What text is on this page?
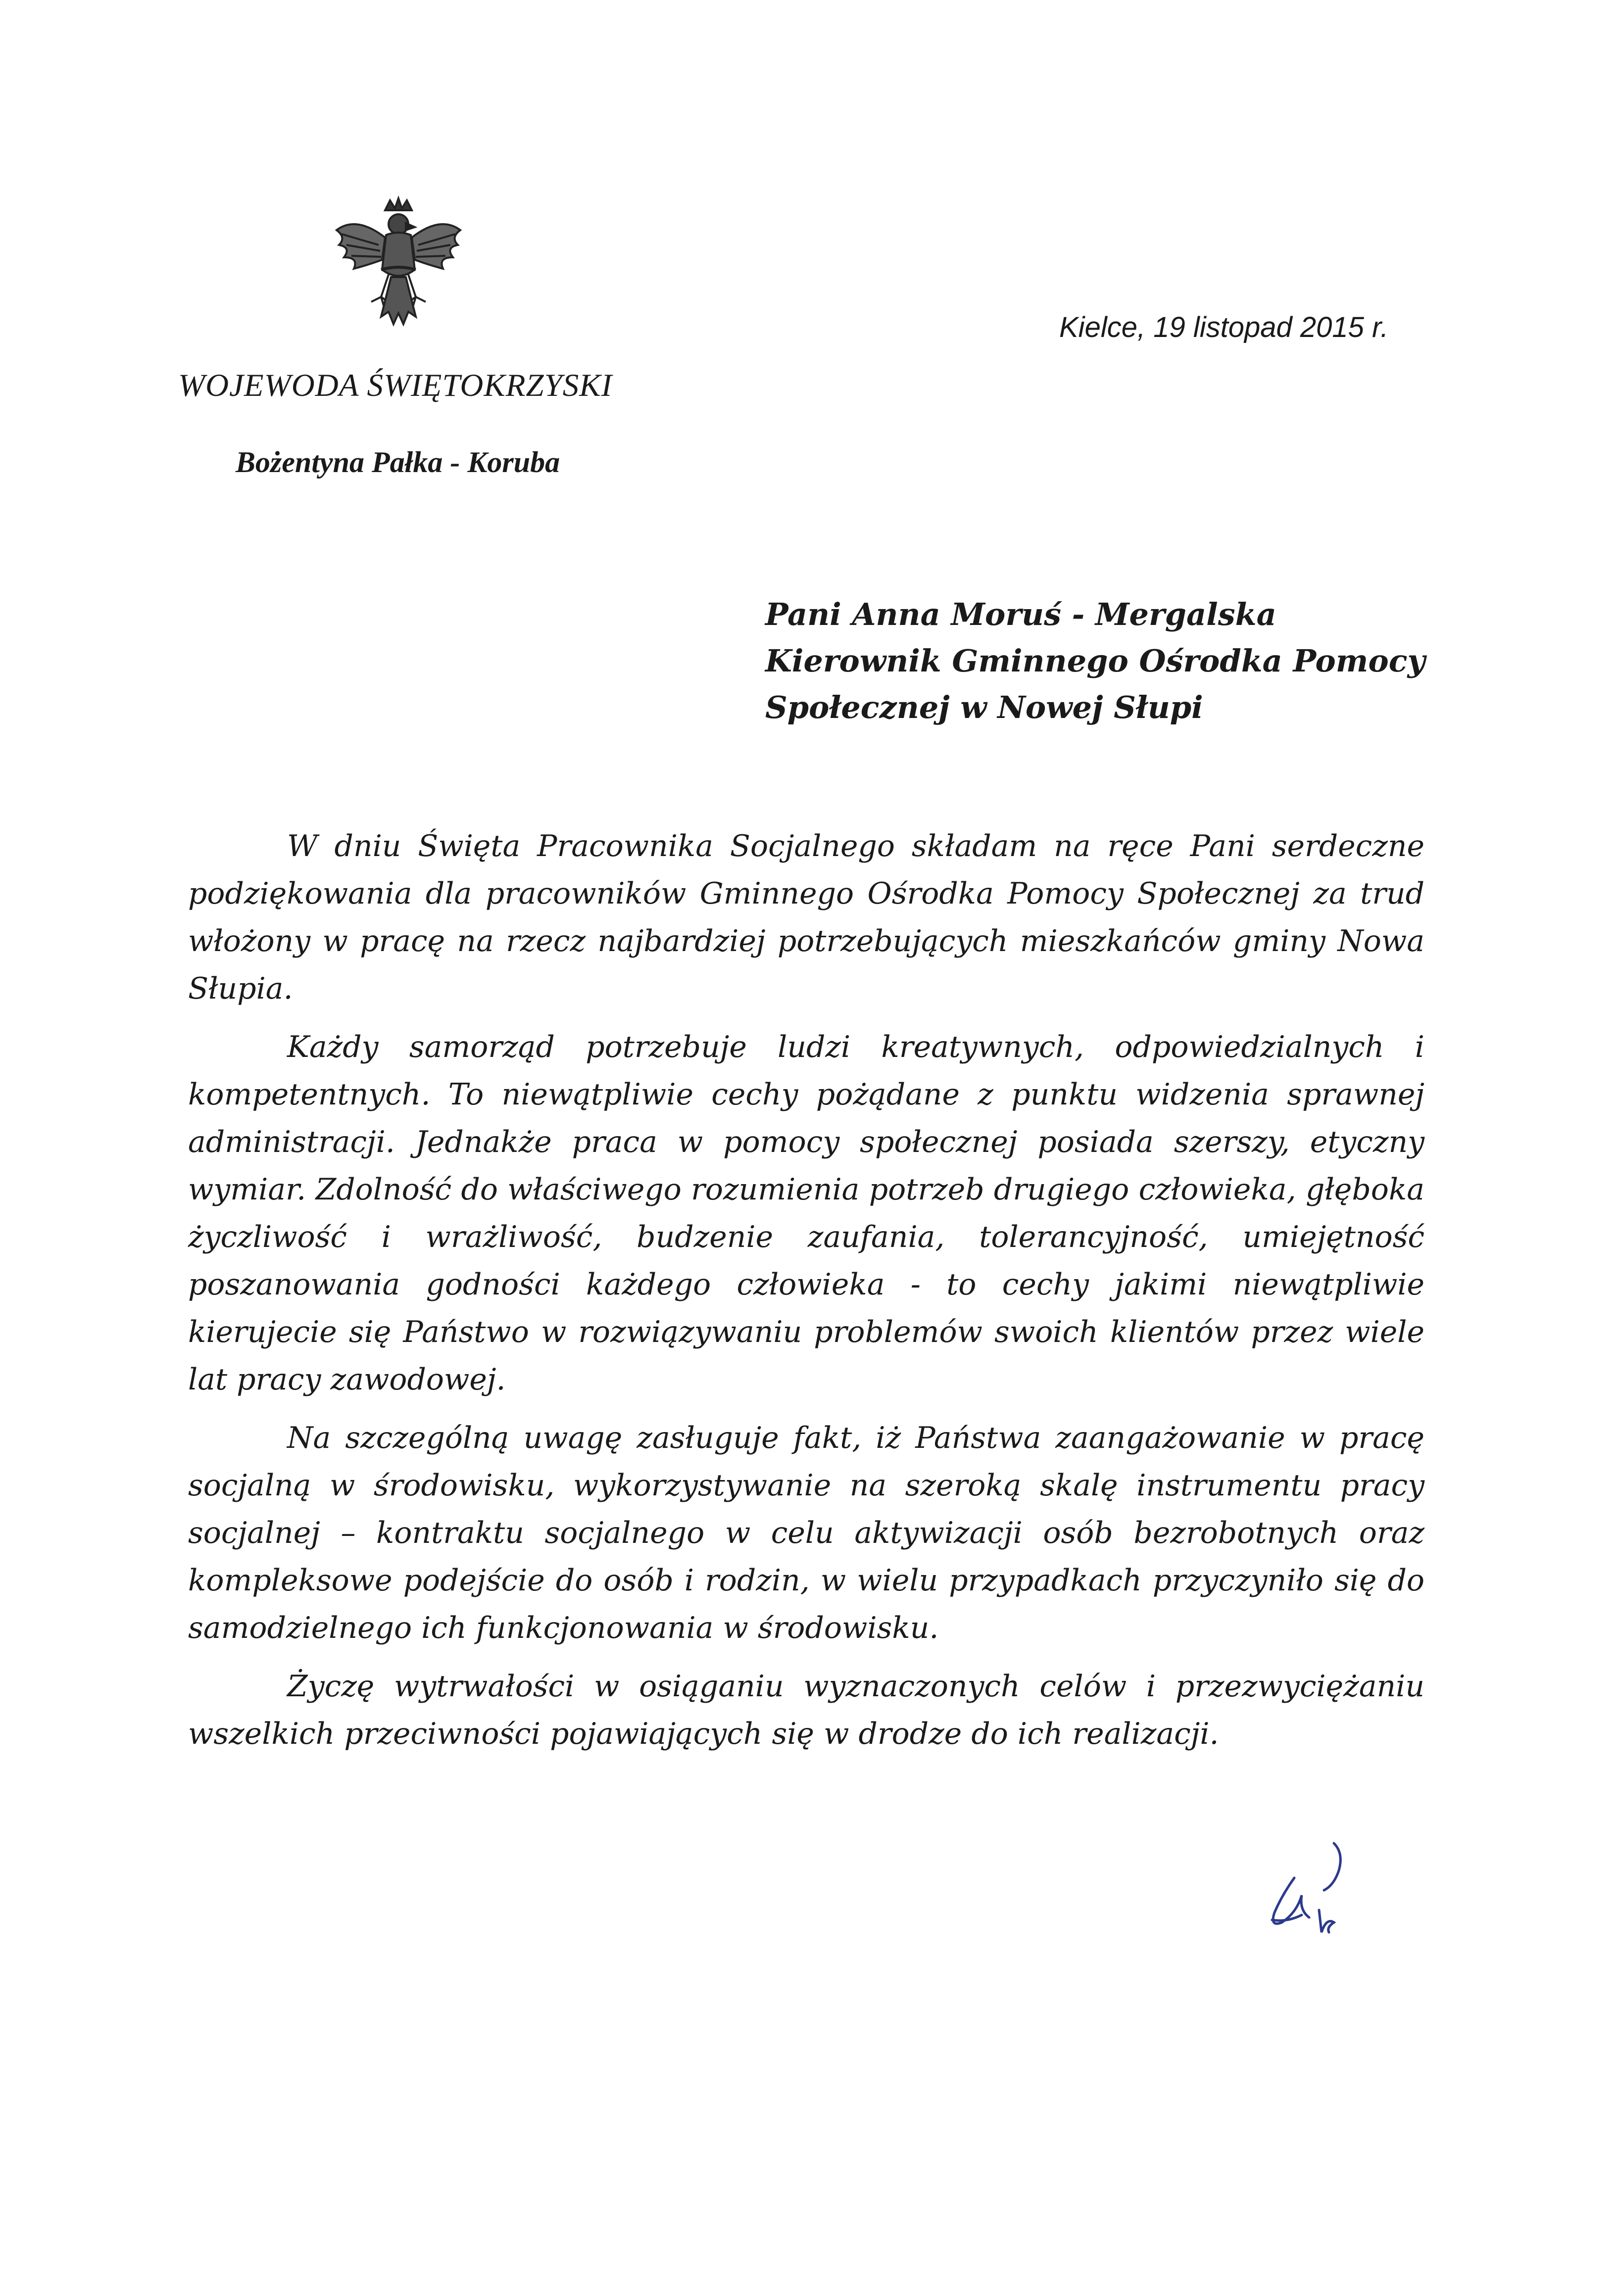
Kielce, 19 listopad 2015 r.
WOJEWODA ŚWIĘTOKRZYSKI
Bożentyna Pałka - Koruba
Pani Anna Moruś - Mergalska
Kierownik Gminnego Ośrodka Pomocy
Społecznej w Nowej Słupi

W dniu Święta Pracownika Socjalnego składam na ręce Pani serdeczne podziękowania dla pracowników Gminnego Ośrodka Pomocy Społecznej za trud włożony w pracę na rzecz najbardziej potrzebujących mieszkańców gminy Nowa Słupia.

Każdy samorząd potrzebuje ludzi kreatywnych, odpowiedzialnych i kompetentnych. To niewątpliwie cechy pożądane z punktu widzenia sprawnej administracji. Jednakże praca w pomocy społecznej posiada szerszy, etyczny wymiar. Zdolność do właściwego rozumienia potrzeb drugiego człowieka, głęboka życzliwość i wrażliwość, budzenie zaufania, tolerancyjność, umiejętność poszanowania godności każdego człowieka - to cechy jakimi niewątpliwie kierujecie się Państwo w rozwiązywaniu problemów swoich klientów przez wiele lat pracy zawodowej.

Na szczególną uwagę zasługuje fakt, iż Państwa zaangażowanie w pracę socjalną w środowisku, wykorzystywanie na szeroką skalę instrumentu pracy socjalnej – kontraktu socjalnego w celu aktywizacji osób bezrobotnych oraz kompleksowe podejście do osób i rodzin, w wielu przypadkach przyczyniło się do samodzielnego ich funkcjonowania w środowisku.

Życzę wytrwałości w osiąganiu wyznaczonych celów i przezwyciężaniu wszelkich przeciwności pojawiających się w drodze do ich realizacji.
